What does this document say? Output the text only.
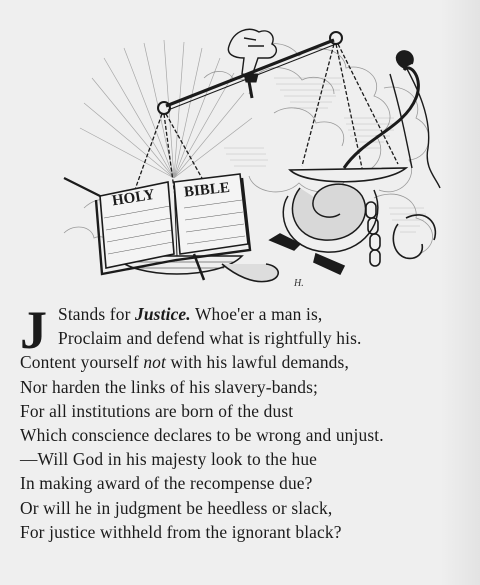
HOLY BIBLE
H.
J Stands for Justice. Whoe'er a man is,
Proclaim and defend what is rightfully his.
Content yourself not with his lawful demands,
Nor harden the links of his slavery-bands;
For all institutions are born of the dust
Which conscience declares to be wrong and unjust.
—Will God in his majesty look to the hue
In making award of the recompense due?
Or will he in judgment be heedless or slack,
For justice withheld from the ignorant black?
